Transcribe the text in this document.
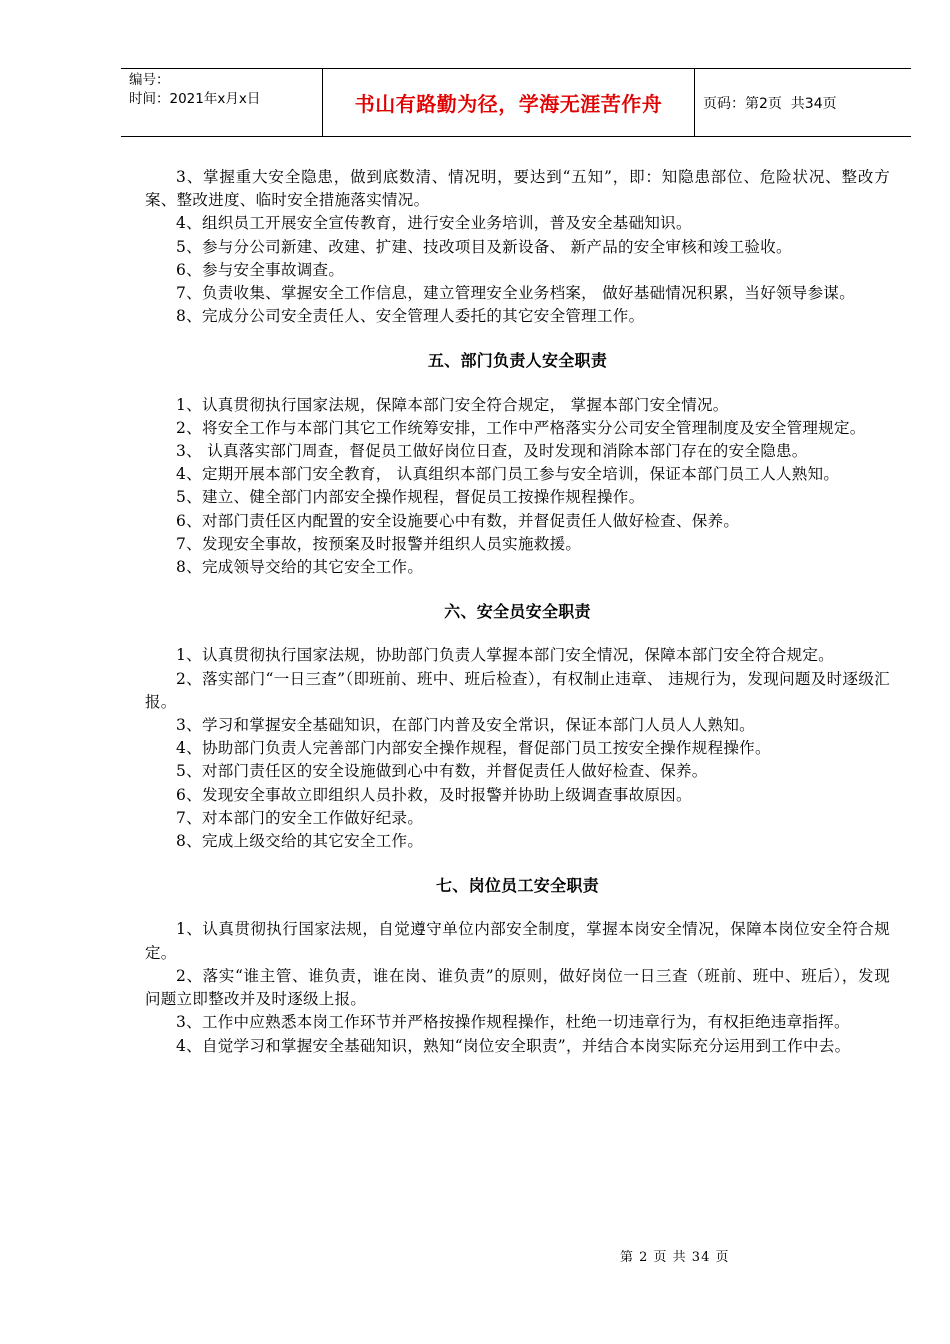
编号：
时间：2021年x月x日	书山有路勤为径，学海无涯苦作舟	页码：第2页  共34页

3、掌握重大安全隐患，做到底数清、情况明，要达到“五知”，即：知隐患部位、危险状况、整改方案、整改进度、临时安全措施落实情况。

4、组织员工开展安全宣传教育，进行安全业务培训，普及安全基础知识。

5、参与分公司新建、改建、扩建、技改项目及新设备、 新产品的安全审核和竣工验收。

6、参与安全事故调查。

7、负责收集、掌握安全工作信息，建立管理安全业务档案， 做好基础情况积累，当好领导参谋。

8、完成分公司安全责任人、安全管理人委托的其它安全管理工作。

五、部门负责人安全职责

1、认真贯彻执行国家法规，保障本部门安全符合规定， 掌握本部门安全情况。

2、将安全工作与本部门其它工作统筹安排，工作中严格落实分公司安全管理制度及安全管理规定。

3、 认真落实部门周查，督促员工做好岗位日查，及时发现和消除本部门存在的安全隐患。

4、定期开展本部门安全教育， 认真组织本部门员工参与安全培训，保证本部门员工人人熟知。

5、建立、健全部门内部安全操作规程，督促员工按操作规程操作。

6、对部门责任区内配置的安全设施要心中有数，并督促责任人做好检查、保养。

7、发现安全事故，按预案及时报警并组织人员实施救援。

8、完成领导交给的其它安全工作。

六、安全员安全职责

1、认真贯彻执行国家法规，协助部门负责人掌握本部门安全情况，保障本部门安全符合规定。

2、落实部门“一日三查”（即班前、班中、班后检查），有权制止违章、 违规行为，发现问题及时逐级汇报。

3、学习和掌握安全基础知识，在部门内普及安全常识，保证本部门人员人人熟知。

4、协助部门负责人完善部门内部安全操作规程，督促部门员工按安全操作规程操作。

5、对部门责任区的安全设施做到心中有数，并督促责任人做好检查、保养。

6、发现安全事故立即组织人员扑救，及时报警并协助上级调查事故原因。

7、对本部门的安全工作做好纪录。

8、完成上级交给的其它安全工作。

七、岗位员工安全职责

1、认真贯彻执行国家法规，自觉遵守单位内部安全制度，掌握本岗安全情况，保障本岗位安全符合规定。

2、落实“谁主管、谁负责，谁在岗、谁负责”的原则，做好岗位一日三查（班前、班中、班后），发现问题立即整改并及时逐级上报。

3、工作中应熟悉本岗工作环节并严格按操作规程操作，杜绝一切违章行为，有权拒绝违章指挥。

4、自觉学习和掌握安全基础知识，熟知“岗位安全职责”，并结合本岗实际充分运用到工作中去。

第 2 页 共 34 页
